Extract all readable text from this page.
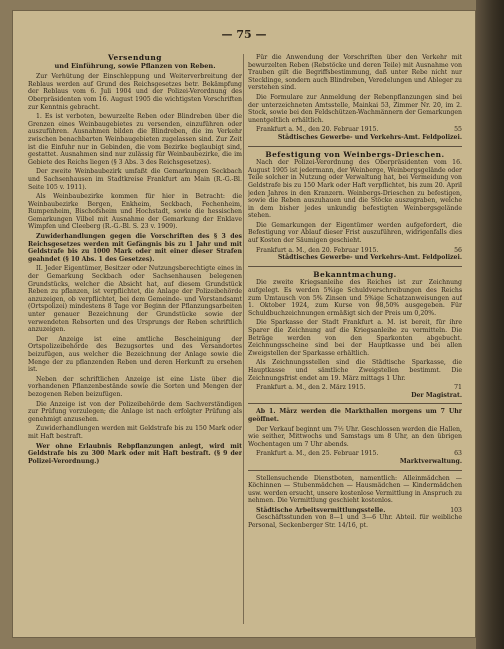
— 75 —
Versendung
und Einführung, sowie Pflanzen von Reben.

Zur Verhütung der Einschleppung und Weiterverbreitung der Reblaus werden auf Grund des Reichsgesetzes betr. Bekämpfung der Reblaus vom 6. Juli 1904 und der Polizei-Verordnung des Oberpräsidenten vom 16. August 1905 die wichtigsten Vorschriften zur Kenntnis gebracht.

1. Es ist verboten, bewurzelte Reben oder Blindreben über die Grenzen eines Weinbaugebietes zu versenden, einzuführen oder auszuführen. Ausnahmen bilden die Blindreben, die im Verkehr zwischen benachbarten Weinbaugebieten zugelassen sind. Zur Zeit ist die Einfuhr nur in Gebinden, die vom Bezirke beglaubigt sind, gestattet. Ausnahmen sind nur zulässig für Weinbaubezirke, die im Gebiete des Reichs liegen (§ 3 Abs. 3 des Reichsgesetzes).

Der zweite Weinbaubezirk umfaßt die Gemarkungen Seckbach und Sachsenhausen im Stadtkreise Frankfurt am Main (R.-G.-Bl. Seite 105 v. 1911).

Als Weinbaubezirke kommen für hier in Betracht: die Weinbaubezirke Bergen, Enkheim, Seckbach, Fechenheim, Rumpenheim, Bischofsheim und Hochstadt, sowie die hessischen Gemarkungen Vilbel mit Ausnahme der Gemarkung der Enklave Wimpfen und Cleeberg (R.-G.-Bl. S. 23 v. 1909).

Zuwiderhandlungen gegen die Vorschriften des § 3 des Reichsgesetzes werden mit Gefängnis bis zu 1 Jahr und mit Geldstrafe bis zu 1000 Mark oder mit einer dieser Strafen geahndet (§ 10 Abs. 1 des Gesetzes).

II. Jeder Eigentümer, Besitzer oder Nutzungsberechtigte eines in der Gemarkung Seckbach oder Sachsenhausen belegenen Grundstücks, welcher die Absicht hat, auf diesem Grundstück Reben zu pflanzen, ist verpflichtet, die Anlage der Polizeibehörde anzuzeigen, ob verpflichtet, bei dem Gemeinde- und Vorstandsamt (Ortspolizei) mindestens 8 Tage vor Beginn der Pflanzungsarbeiten unter genauer Bezeichnung der Grundstücke sowie der verwendeten Rebsorten und des Ursprungs der Reben schriftlich anzuzeigen.

Der Anzeige ist eine amtliche Bescheinigung der Ortspolizeibehörde des Bezugsortes und des Versandortes beizufügen, aus welcher die Bezeichnung der Anlage sowie die Menge der zu pflanzenden Reben und deren Herkunft zu ersehen ist.

Neben der schriftlichen Anzeige ist eine Liste über die vorhandenen Pflanzenbestände sowie die Sorten und Mengen der bezogenen Reben beizufügen.

Die Anzeige ist von der Polizeibehörde dem Sachverständigen zur Prüfung vorzulegen; die Anlage ist nach erfolgter Prüfung als genehmigt anzusehen.

Zuwiderhandlungen werden mit Geldstrafe bis zu 150 Mark oder mit Haft bestraft.

Wer ohne Erlaubnis Rebpflanzungen anlegt, wird mit Geldstrafe bis zu 300 Mark oder mit Haft bestraft. (§ 9 der Polizei-Verordnung.)

Für die Anwendung der Vorschriften über den Verkehr mit bewurzelten Reben (Rebstöcke und deren Teile) mit Ausnahme von Trauben gilt die Begriffsbestimmung, daß unter Rebe nicht nur Stecklinge, sondern auch Blindreben, Veredelungen und Ableger zu verstehen sind.

Die Formulare zur Anmeldung der Rebenpflanzungen sind bei der unterzeichneten Amtsstelle, Mainkai 53, Zimmer Nr. 20, im 2. Stock, sowie bei den Feldschützen-Wachmännern der Gemarkungen unentgeltlich erhältlich.

Frankfurt a. M., den 20. Februar 1915.	55
Städtisches Gewerbe- und Verkehrs-Amt. Feldpolizei.
Befestigung von Weinbergs-Drieschen.

Nach der Polizei-Verordnung des Oberpräsidenten vom 16. August 1905 ist jedermann, der Weinberge, Weinbergsgelände oder Teile solcher in Nutzung oder Verwaltung hat, bei Vermeidung von Geldstrafe bis zu 150 Mark oder Haft verpflichtet, bis zum 20. April jeden Jahres in den Kranzern. Weinbergs-Drieschen zu befestigen, sowie die Reben auszuhauen und die Stöcke auszugraben, welche in dem bisher jedes unkundig befestigten Weinbergsgelände stehen.

Die Gemarkungen der Eigentümer werden aufgefordert, die Befestigung vor Ablauf dieser Frist auszuführen, widrigenfalls dies auf Kosten der Säumigen geschieht.

Frankfurt a. M., den 20. Februar 1915.	56
Städtisches Gewerbe- und Verkehrs-Amt. Feldpolizei.
Bekanntmachung.

Die zweite Kriegsanleihe des Reiches ist zur Zeichnung aufgelegt. Es werden 5%ige Schuldverschreibungen des Reichs zum Umtausch von 5% Zinsen und 5%ige Schatzanweisungen auf 1. Oktober 1924, zum Kurse von 98,50% ausgegeben. Für Schuldbuchzeichnungen ermäßigt sich der Preis um 0,20%.

Die Sparkasse der Stadt Frankfurt a. M. ist bereit, für ihre Sparer die Zeichnung auf die Kriegsanleihe zu vermitteln. Die Beträge werden von den Sparkonten abgebucht. Zeichnungsscheine sind bei der Hauptkasse und bei allen Zweigstellen der Sparkasse erhältlich.

Als Zeichnungsstellen sind die Städtische Sparkasse, die Hauptkasse und sämtliche Zweigstellen bestimmt. Die Zeichnungsfrist endet am 19. März mittags 1 Uhr.

Frankfurt a. M., den 2. März 1915.	71
Der Magistrat.

Ab 1. März werden die Markthallen morgens um 7 Uhr geöffnet.

Der Verkauf beginnt um 7½ Uhr. Geschlossen werden die Hallen, wie seither, Mittwochs und Samstags um 8 Uhr, an den übrigen Wochentagen um 7 Uhr abends.

Frankfurt a. M., den 25. Februar 1915.	63
Marktverwaltung.

Stellensuchende Dienstboten, namentlich: Alleinmädchen — Köchinnen — Stubenmädchen — Hausmädchen — Kindermädchen usw. werden ersucht, unsere kostenlose Vermittlung in Anspruch zu nehmen. Die Vermittlung geschieht kostenlos.

Städtische Arbeitsvermittlungsstelle.	103

Geschäftsstunden von 8—1 und 3—6 Uhr. Abteil. für weibliche Personal, Seckenberger Str. 14/16, pt.
